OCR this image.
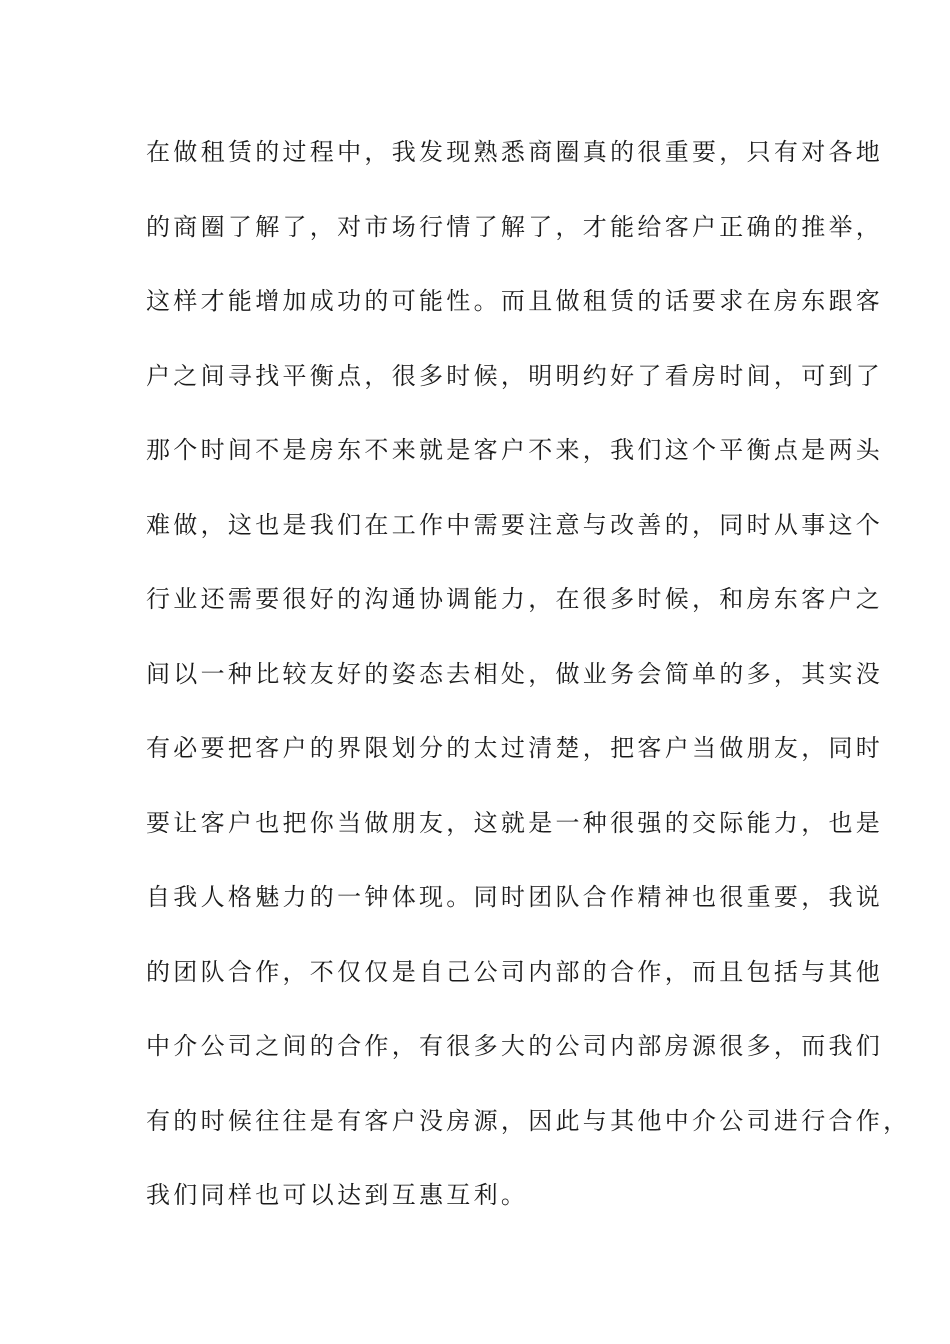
在做租赁的过程中，我发现熟悉商圈真的很重要，只有对各地
的商圈了解了，对市场行情了解了，才能给客户正确的推举，
这样才能增加成功的可能性。而且做租赁的话要求在房东跟客
户之间寻找平衡点，很多时候，明明约好了看房时间，可到了
那个时间不是房东不来就是客户不来，我们这个平衡点是两头
难做，这也是我们在工作中需要注意与改善的，同时从事这个
行业还需要很好的沟通协调能力，在很多时候，和房东客户之
间以一种比较友好的姿态去相处，做业务会简单的多，其实没
有必要把客户的界限划分的太过清楚，把客户当做朋友，同时
要让客户也把你当做朋友，这就是一种很强的交际能力，也是
自我人格魅力的一钟体现。同时团队合作精神也很重要，我说
的团队合作，不仅仅是自己公司内部的合作，而且包括与其他
中介公司之间的合作，有很多大的公司内部房源很多，而我们
有的时候往往是有客户没房源，因此与其他中介公司进行合作，
我们同样也可以达到互惠互利。
